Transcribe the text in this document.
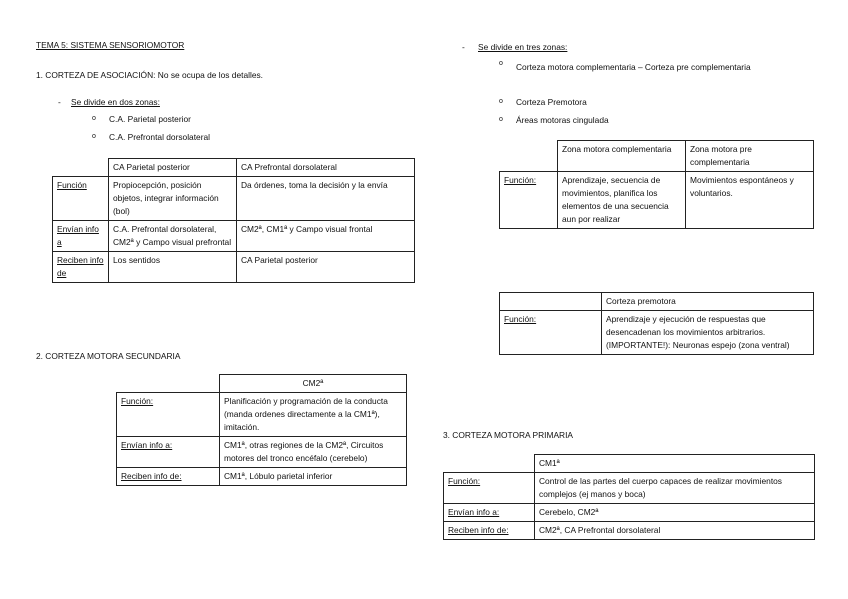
TEMA 5: SISTEMA SENSORIOMOTOR
1. CORTEZA DE ASOCIACIÓN: No se ocupa de los detalles.
- Se divide en dos zonas:
o C.A. Parietal posterior
o C.A. Prefrontal dorsolateral
	CA Parietal posterior	CA Prefrontal dorsolateral
Función	Propiocepción, posición objetos, integrar información (bol)	Da órdenes, toma la decisión y la envía
Envían info a	C.A. Prefrontal dorsolateral, CM2ª y Campo visual prefrontal	CM2ª, CM1ª y Campo visual frontal
Reciben info de	Los sentidos	CA Parietal posterior
2. CORTEZA MOTORA SECUNDARIA
	CM2ª
Función:	Planificación y programación de la conducta (manda ordenes directamente a la CM1ª), imitación.
Envían info a:	CM1ª, otras regiones de la CM2ª, Circuitos motores del tronco encéfalo (cerebelo)
Reciben info de:	CM1ª, Lóbulo parietal inferior
- Se divide en tres zonas:
o Corteza motora complementaria – Corteza pre complementaria
o Corteza Premotora
o Áreas motoras cingulada
	Zona motora complementaria	Zona motora pre complementaria
Función:	Aprendizaje, secuencia de movimientos, planifica los elementos de una secuencia aun por realizar	Movimientos espontáneos y voluntarios.
	Corteza premotora
Función:	Aprendizaje y ejecución de respuestas que desencadenan los movimientos arbitrarios.
(IMPORTANTE!): Neuronas espejo (zona ventral)
3. CORTEZA MOTORA PRIMARIA
	CM1ª
Función:	Control de las partes del cuerpo capaces de realizar movimientos complejos (ej manos y boca)
Envían info a:	Cerebelo, CM2ª
Reciben info de:	CM2ª, CA Prefrontal dorsolateral
